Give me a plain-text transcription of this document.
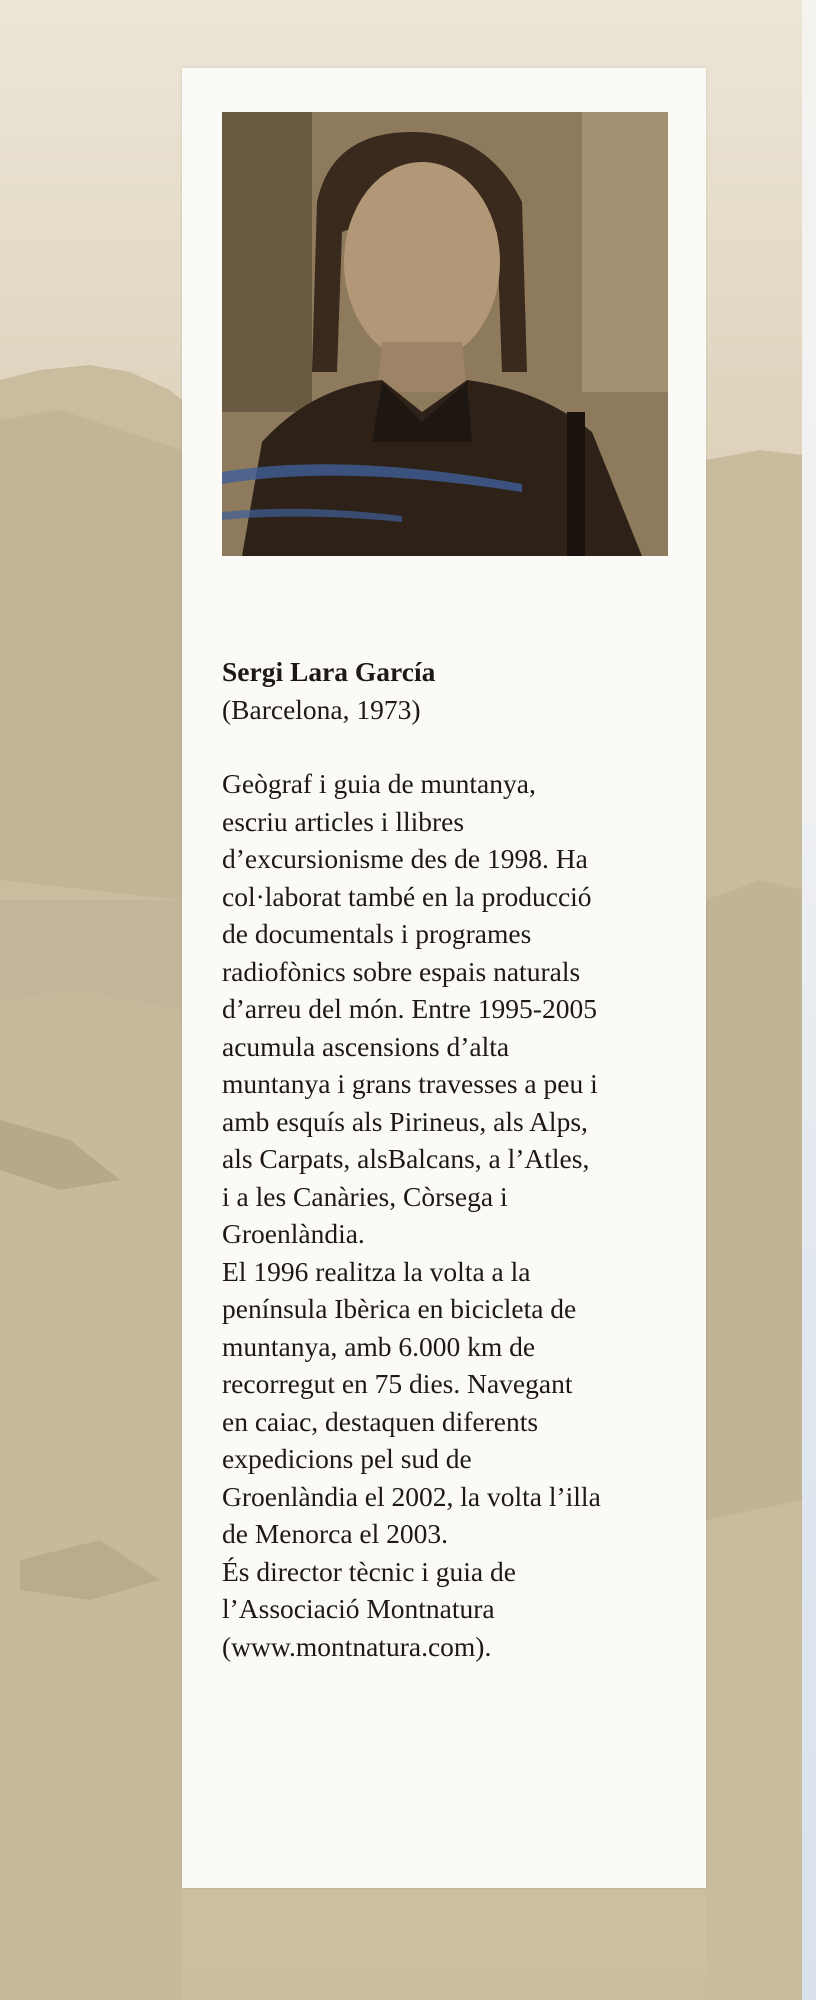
Sergi Lara García
(Barcelona, 1973)
Geògraf i guia de muntanya,
escriu articles i llibres
d’excursionisme des de 1998. Ha
col·laborat també en la producció
de documentals i programes
radiofònics sobre espais naturals
d’arreu del món. Entre 1995-2005
acumula ascensions d’alta
muntanya i grans travesses a peu i
amb esquís als Pirineus, als Alps,
als Carpats, alsBalcans, a l’Atles,
i a les Canàries, Còrsega i
Groenlàndia.
El 1996 realitza la volta a la
península Ibèrica en bicicleta de
muntanya, amb 6.000 km de
recorregut en 75 dies. Navegant
en caiac, destaquen diferents
expedicions pel sud de
Groenlàndia el 2002, la volta l’illa
de Menorca el 2003.
És director tècnic i guia de
l’Associació Montnatura
(www.montnatura.com).
